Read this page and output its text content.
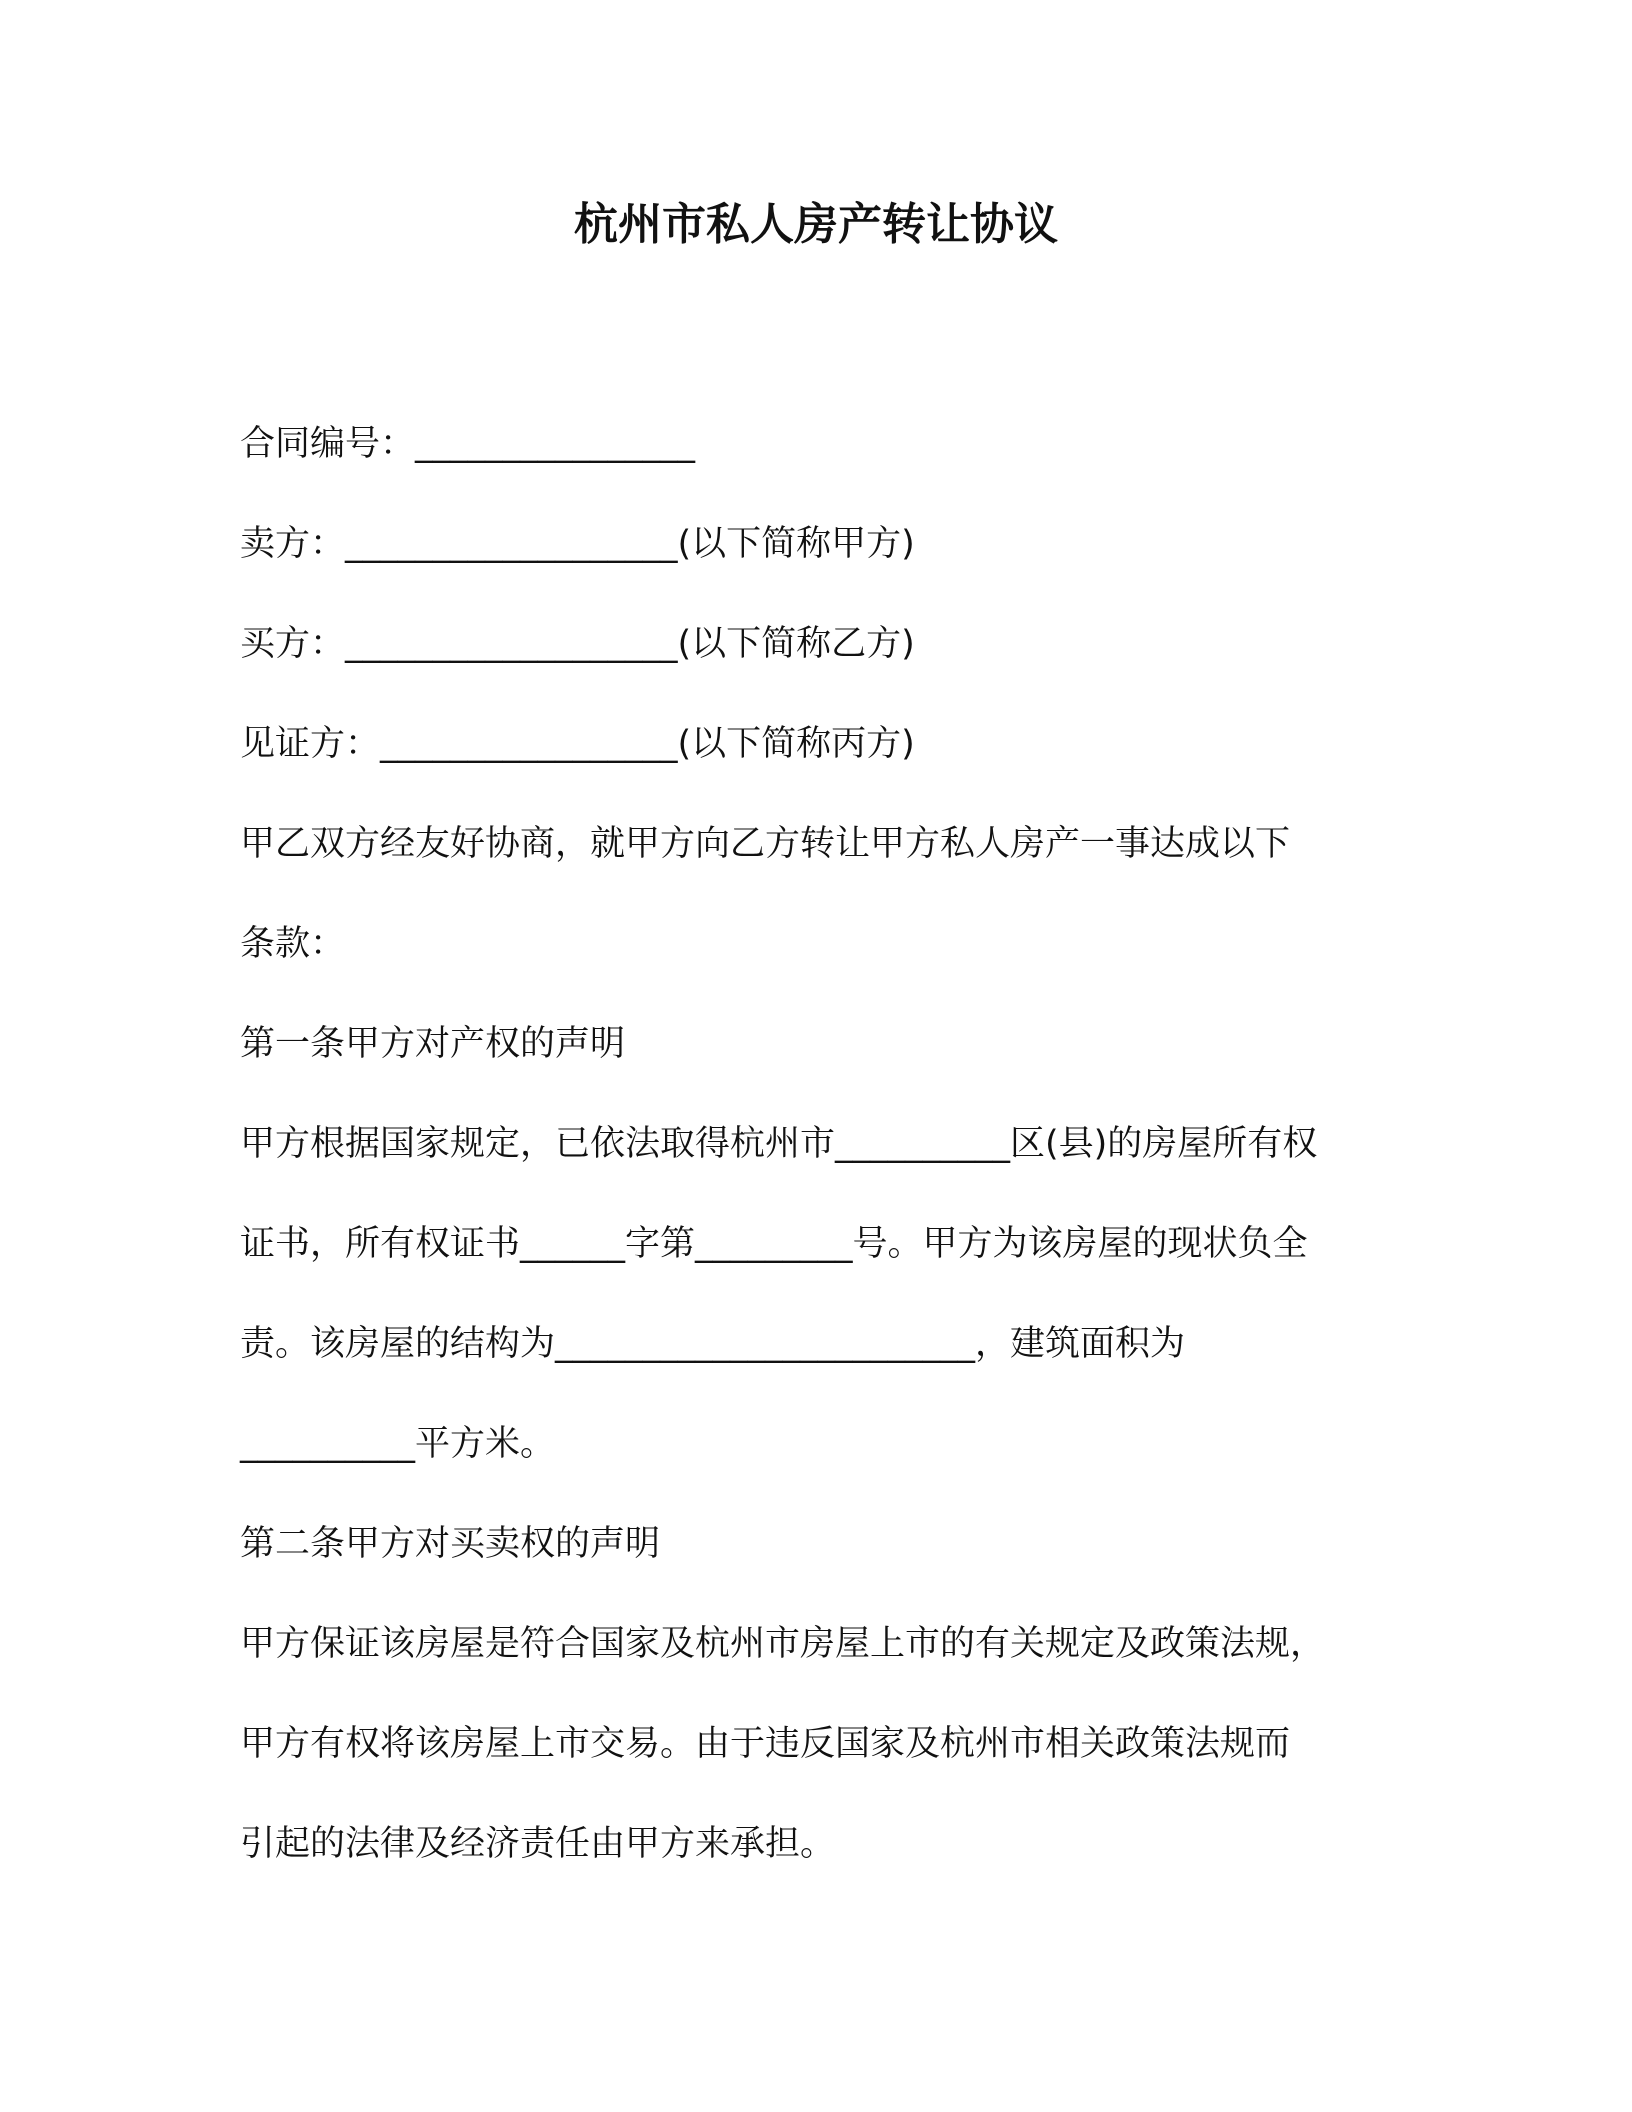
杭州市私人房产转让协议

合同编号：________________

卖方：___________________(以下简称甲方)

买方：___________________(以下简称乙方)

见证方：_________________(以下简称丙方)

甲乙双方经友好协商，就甲方向乙方转让甲方私人房产一事达成以下

条款：

第一条甲方对产权的声明

甲方根据国家规定，已依法取得杭州市__________区(县)的房屋所有权

证书，所有权证书______字第_________号。甲方为该房屋的现状负全

责。该房屋的结构为________________________，建筑面积为

__________平方米。

第二条甲方对买卖权的声明

甲方保证该房屋是符合国家及杭州市房屋上市的有关规定及政策法规，

甲方有权将该房屋上市交易。由于违反国家及杭州市相关政策法规而

引起的法律及经济责任由甲方来承担。
